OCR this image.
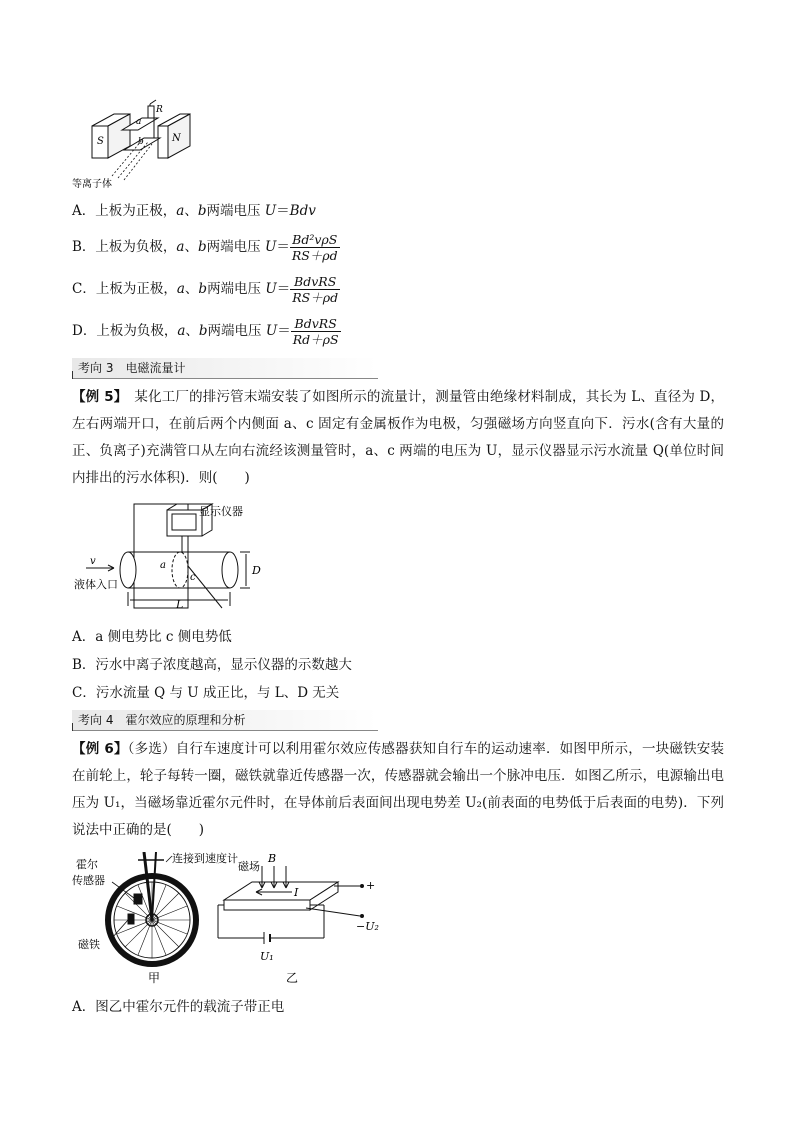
S	N
R
a
b
等离子体
A．上板为正极，a、b两端电压 U＝Bdv
B．上板为负极，a、b两端电压 $U= \frac{\text{Bd²vρS}}{RS+\rho d}$
C．上板为正极，a、b两端电压 $U= \frac{\text{BdvRS}}{RS+\rho d}$
D．上板为负极，a、b两端电压 $U= \frac{\text{BdvRS}}{Rd+\rho S}$
考向 3　电磁流量计
【例 5】　某化工厂的排污管末端安装了如图所示的流量计，测量管由绝缘材料制成，其长为 L、直径为 D，左右两端开口，在前后两个内侧面 a、c 固定有金属板作为电极，匀强磁场方向竖直向下．污水(含有大量的正、负离子)充满管口从左向右流经该测量管时，a、c 两端的电压为 U，显示仪器显示污水流量 Q(单位时间内排出的污水体积)．则(　　)
显示仪器
v
液体入口
a
c
D
L
A．a 侧电势比 c 侧电势低
B．污水中离子浓度越高，显示仪器的示数越大
C．污水流量 Q 与 U 成正比，与 L、D 无关
考向 4　霍尔效应的原理和分析
【例 6】（多选）自行车速度计可以利用霍尔效应传感器获知自行车的运动速率．如图甲所示，一块磁铁安装在前轮上，轮子每转一圈，磁铁就靠近传感器一次，传感器就会输出一个脉冲电压．如图乙所示，电源输出电压为 U₁，当磁场靠近霍尔元件时，在导体前后表面间出现电势差 U₂(前表面的电势低于后表面的电势)．下列说法中正确的是(　　)
霍尔
传感器
连接到速度计
磁铁
甲
磁场
B
I
+
−U₂
U₁
乙
A．图乙中霍尔元件的载流子带正电
